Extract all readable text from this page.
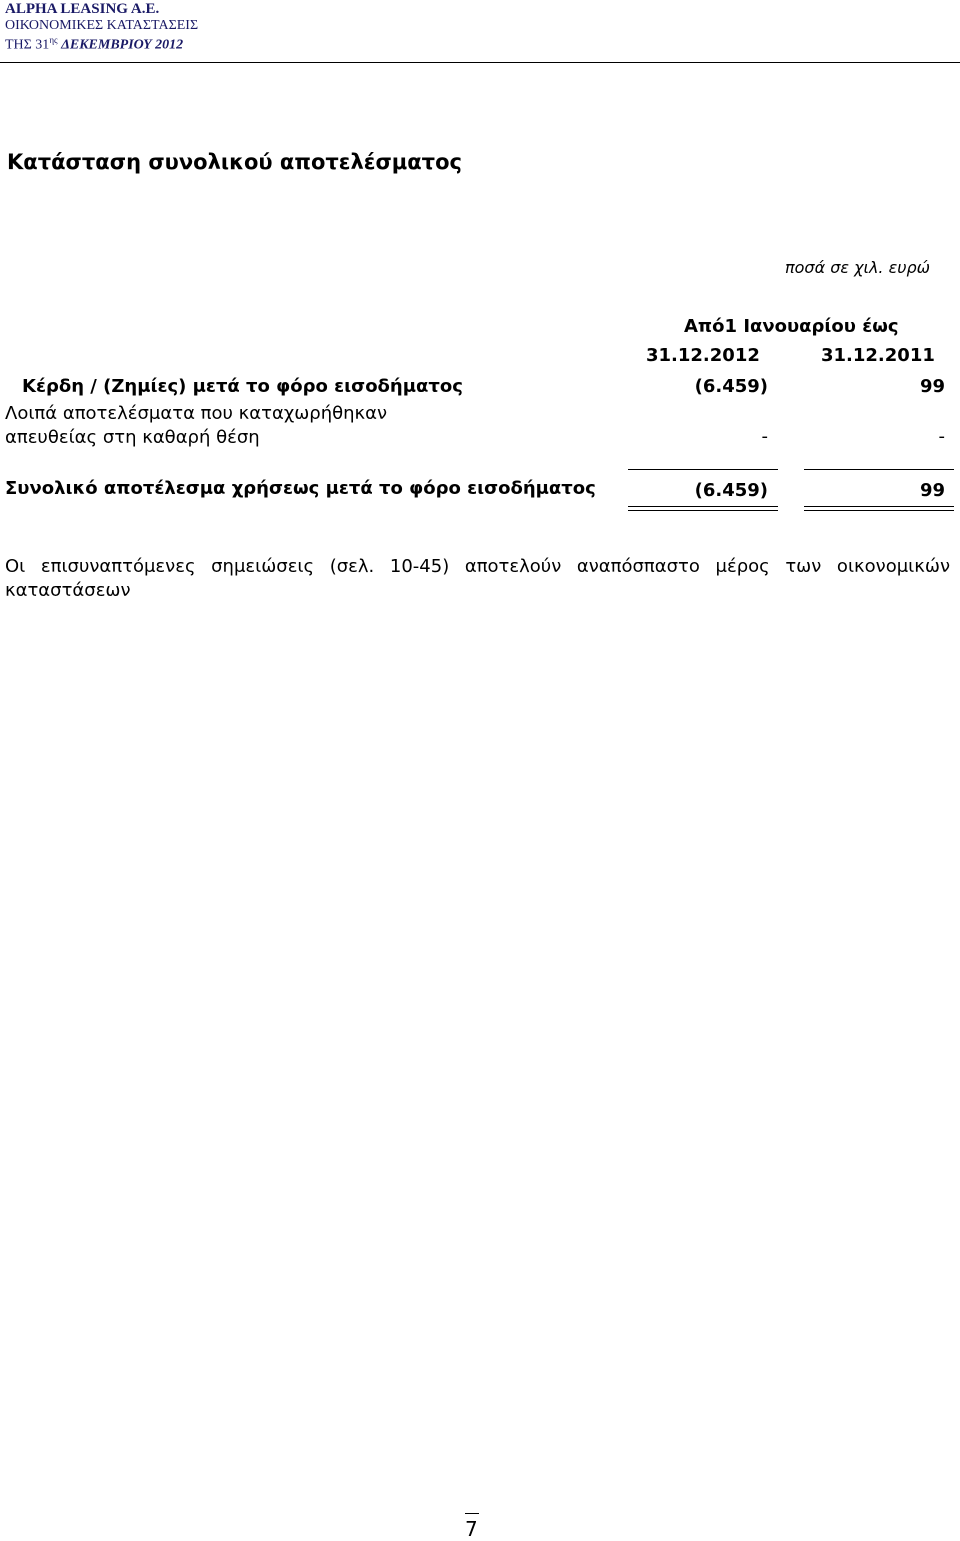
ALPHA LEASING A.E.
ΟΙΚΟΝΟΜΙΚΕΣ ΚΑΤΑΣΤΑΣΕΙΣ
ΤΗΣ $31^{\eta\varsigma}$ ΔΕΚΕΜΒΡΙΟΥ 2012
Κατάσταση συνολικού αποτελέσματος
ποσά σε χιλ. ευρώ
Από1 Ιανουαρίου έως
31.12.2012	31.12.2011
Κέρδη / (Ζημίες) μετά το φόρο εισοδήματος	(6.459)	99
Λοιπά αποτελέσματα που καταχωρήθηκαν
απευθείας στη καθαρή θέση	-	-
Συνολικό αποτέλεσμα χρήσεως μετά το φόρο εισοδήματος	(6.459)	99
Οι επισυναπτόμενες σημειώσεις (σελ. 10-45) αποτελούν αναπόσπαστο μέρος των οικονομικών καταστάσεων
7
